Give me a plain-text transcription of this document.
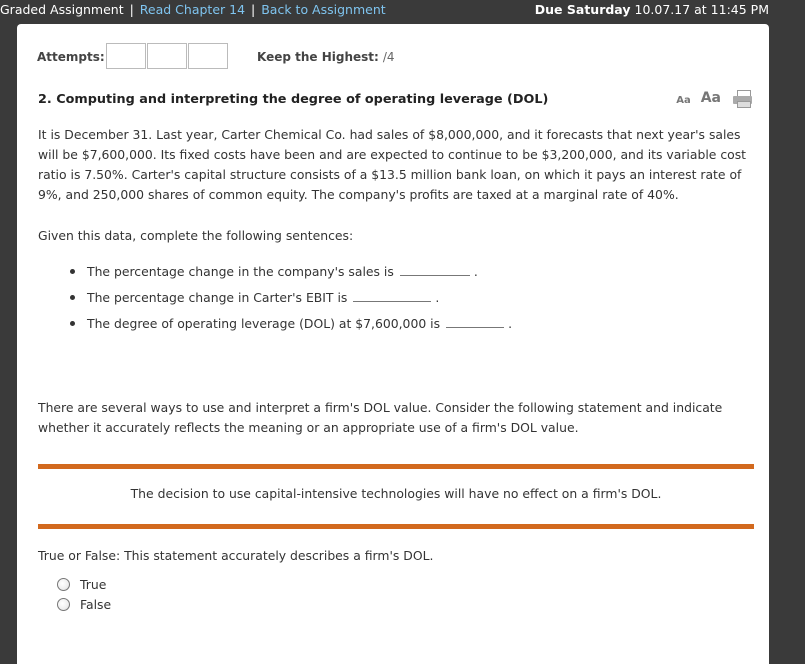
Graded Assignment | Read Chapter 14 | Back to Assignment	Due Saturday 10.07.17 at 11:45 PM
Attempts:	Keep the Highest: /4
2. Computing and interpreting the degree of operating leverage (DOL)	Aa Aa
It is December 31. Last year, Carter Chemical Co. had sales of $8,000,000, and it forecasts that next year's sales will be $7,600,000. Its fixed costs have been and are expected to continue to be $3,200,000, and its variable cost ratio is 7.50%. Carter's capital structure consists of a $13.5 million bank loan, on which it pays an interest rate of 9%, and 250,000 shares of common equity. The company's profits are taxed at a marginal rate of 40%.
Given this data, complete the following sentences:
The percentage change in the company's sales is	.
The percentage change in Carter's EBIT is	.
The degree of operating leverage (DOL) at $7,600,000 is	.
There are several ways to use and interpret a firm's DOL value. Consider the following statement and indicate whether it accurately reflects the meaning or an appropriate use of a firm's DOL value.
The decision to use capital-intensive technologies will have no effect on a firm's DOL.
True or False: This statement accurately describes a firm's DOL.
True
False
